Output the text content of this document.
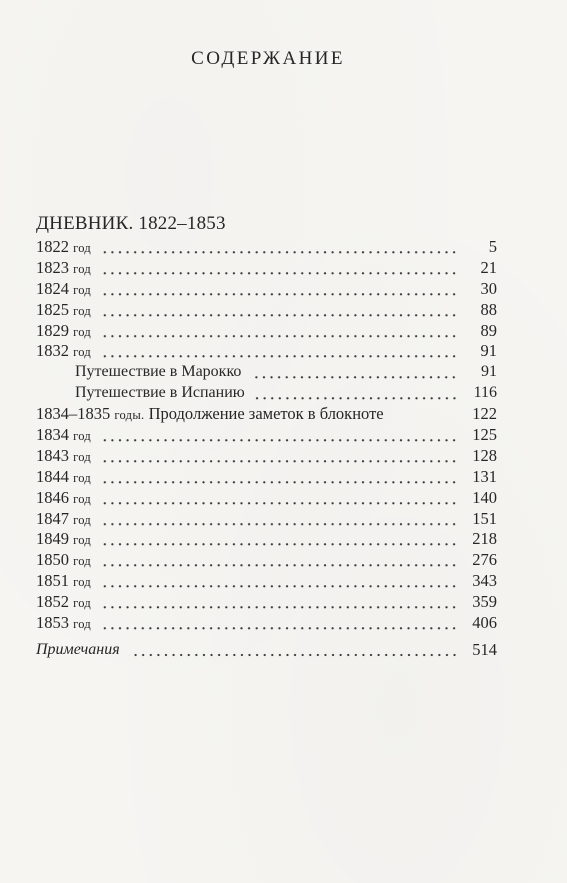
СОДЕРЖАНИЕ
ДНЕВНИК. 1822–1853
1822 год	5
1823 год	21
1824 год	30
1825 год	88
1829 год	89
1832 год	91
Путешествие в Марокко	91
Путешествие в Испанию	116
1834–1835 годы. Продолжение заметок в блокноте	122
1834 год	125
1843 год	128
1844 год	131
1846 год	140
1847 год	151
1849 год	218
1850 год	276
1851 год	343
1852 год	359
1853 год	406
Примечания	514
